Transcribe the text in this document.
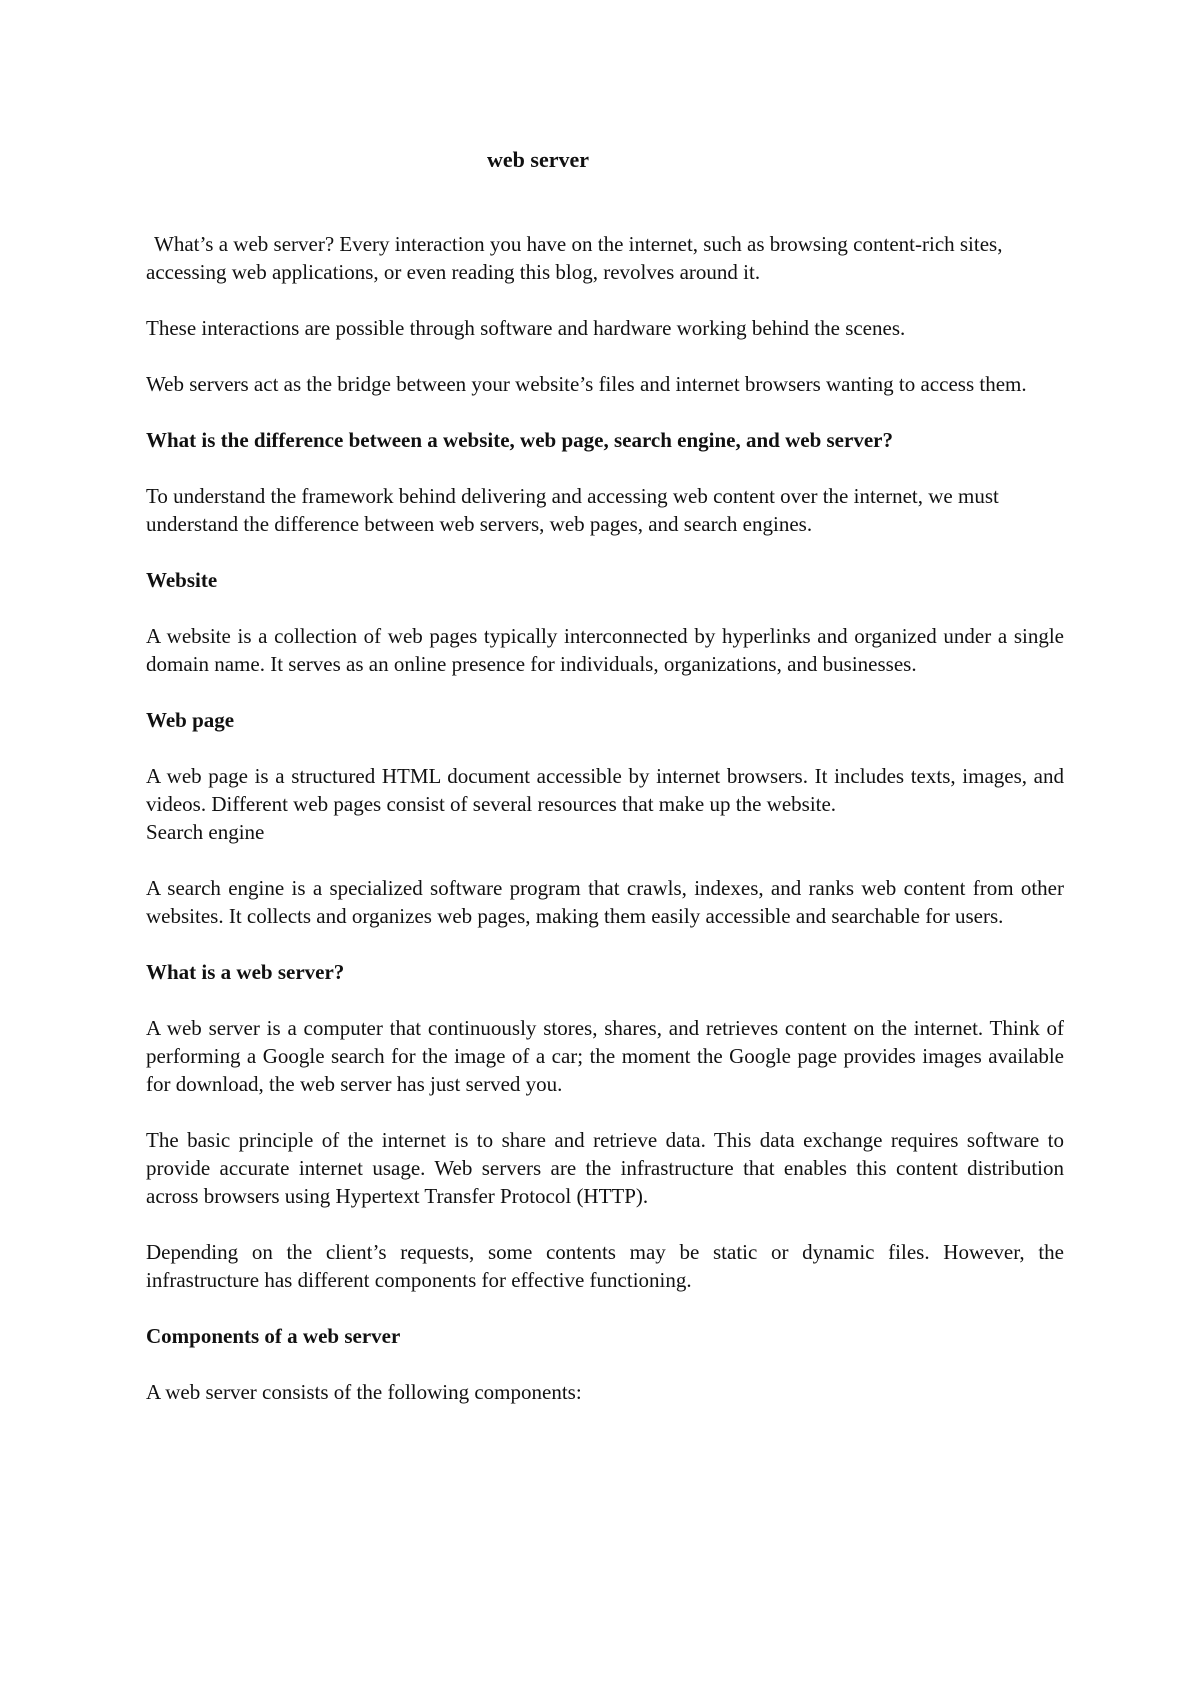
web server

What’s a web server? Every interaction you have on the internet, such as browsing content-rich sites, accessing web applications, or even reading this blog, revolves around it.

These interactions are possible through software and hardware working behind the scenes.

Web servers act as the bridge between your website’s files and internet browsers wanting to access them.

What is the difference between a website, web page, search engine, and web server?

To understand the framework behind delivering and accessing web content over the internet, we must understand the difference between web servers, web pages, and search engines.

Website

A website is a collection of web pages typically interconnected by hyperlinks and organized under a single domain name. It serves as an online presence for individuals, organizations, and businesses.

Web page

A web page is a structured HTML document accessible by internet browsers. It includes texts, images, and videos. Different web pages consist of several resources that make up the website.

Search engine

A search engine is a specialized software program that crawls, indexes, and ranks web content from other websites. It collects and organizes web pages, making them easily accessible and searchable for users.

What is a web server?

A web server is a computer that continuously stores, shares, and retrieves content on the internet. Think of performing a Google search for the image of a car; the moment the Google page provides images available for download, the web server has just served you.

The basic principle of the internet is to share and retrieve data. This data exchange requires software to provide accurate internet usage. Web servers are the infrastructure that enables this content distribution across browsers using Hypertext Transfer Protocol (HTTP).

Depending on the client’s requests, some contents may be static or dynamic files. However, the infrastructure has different components for effective functioning.

Components of a web server

A web server consists of the following components:
